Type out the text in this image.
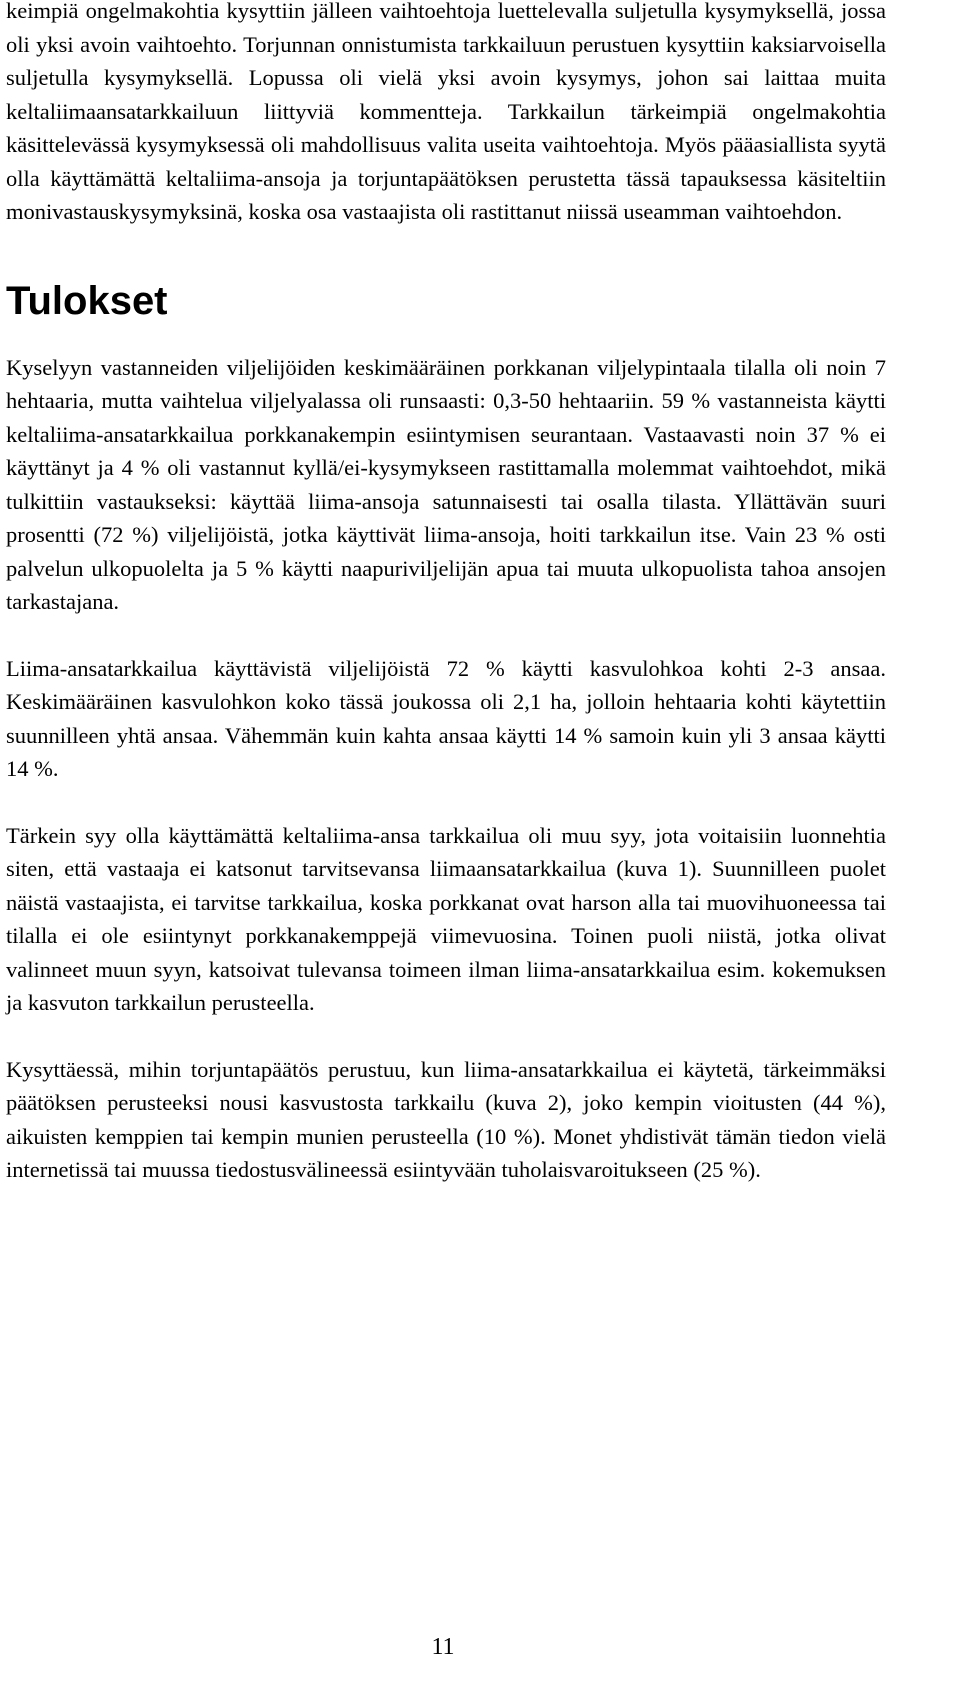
keimpiä ongelmakohtia kysyttiin jälleen vaihtoehtoja luettelevalla suljetulla kysymyksellä, jossa oli yksi avoin vaihtoehto. Torjunnan onnistumista tarkkailuun perustuen kysyttiin kaksiarvoisella suljetulla kysymyksellä. Lopussa oli vielä yksi avoin kysymys, johon sai laittaa muita keltaliimaansatarkkailuun liittyviä kommentteja. Tarkkailun tärkeimpiä ongelmakohtia käsittelevässä kysymyksessä oli mahdollisuus valita useita vaihtoehtoja. Myös pääasiallista syytä olla käyttämättä keltaliima-ansoja ja torjuntapäätöksen perustetta tässä tapauksessa käsiteltiin monivastauskysymyksinä, koska osa vastaajista oli rastittanut niissä useamman vaihtoehdon.

Tulokset

Kyselyyn vastanneiden viljelijöiden keskimääräinen porkkanan viljelypintaala tilalla oli noin 7 hehtaaria, mutta vaihtelua viljelyalassa oli runsaasti: 0,3-50 hehtaariin. 59 % vastanneista käytti keltaliima-ansatarkkailua porkkanakempin esiintymisen seurantaan. Vastaavasti noin 37 % ei käyttänyt ja 4 % oli vastannut kyllä/ei-kysymykseen rastittamalla molemmat vaihtoehdot, mikä tulkittiin vastaukseksi: käyttää liima-ansoja satunnaisesti tai osalla tilasta. Yllättävän suuri prosentti (72 %) viljelijöistä, jotka käyttivät liima-ansoja, hoiti tarkkailun itse. Vain 23 % osti palvelun ulkopuolelta ja 5 % käytti naapuriviljelijän apua tai muuta ulkopuolista tahoa ansojen tarkastajana.

Liima-ansatarkkailua käyttävistä viljelijöistä 72 % käytti kasvulohkoa kohti 2-3 ansaa. Keskimääräinen kasvulohkon koko tässä joukossa oli 2,1 ha, jolloin hehtaaria kohti käytettiin suunnilleen yhtä ansaa. Vähemmän kuin kahta ansaa käytti 14 % samoin kuin yli 3 ansaa käytti 14 %.

Tärkein syy olla käyttämättä keltaliima-ansa tarkkailua oli muu syy, jota voitaisiin luonnehtia siten, että vastaaja ei katsonut tarvitsevansa liimaansatarkkailua (kuva 1). Suunnilleen puolet näistä vastaajista, ei tarvitse tarkkailua, koska porkkanat ovat harson alla tai muovihuoneessa tai tilalla ei ole esiintynyt porkkanakemppejä viimevuosina. Toinen puoli niistä, jotka olivat valinneet muun syyn, katsoivat tulevansa toimeen ilman liima-ansatarkkailua esim. kokemuksen ja kasvuton tarkkailun perusteella.

Kysyttäessä, mihin torjuntapäätös perustuu, kun liima-ansatarkkailua ei käytetä, tärkeimmäksi päätöksen perusteeksi nousi kasvustosta tarkkailu (kuva 2), joko kempin vioitusten (44 %), aikuisten kemppien tai kempin munien perusteella (10 %). Monet yhdistivät tämän tiedon vielä internetissä tai muussa tiedostusvälineessä esiintyvään tuholaisvaroitukseen (25 %).

11
